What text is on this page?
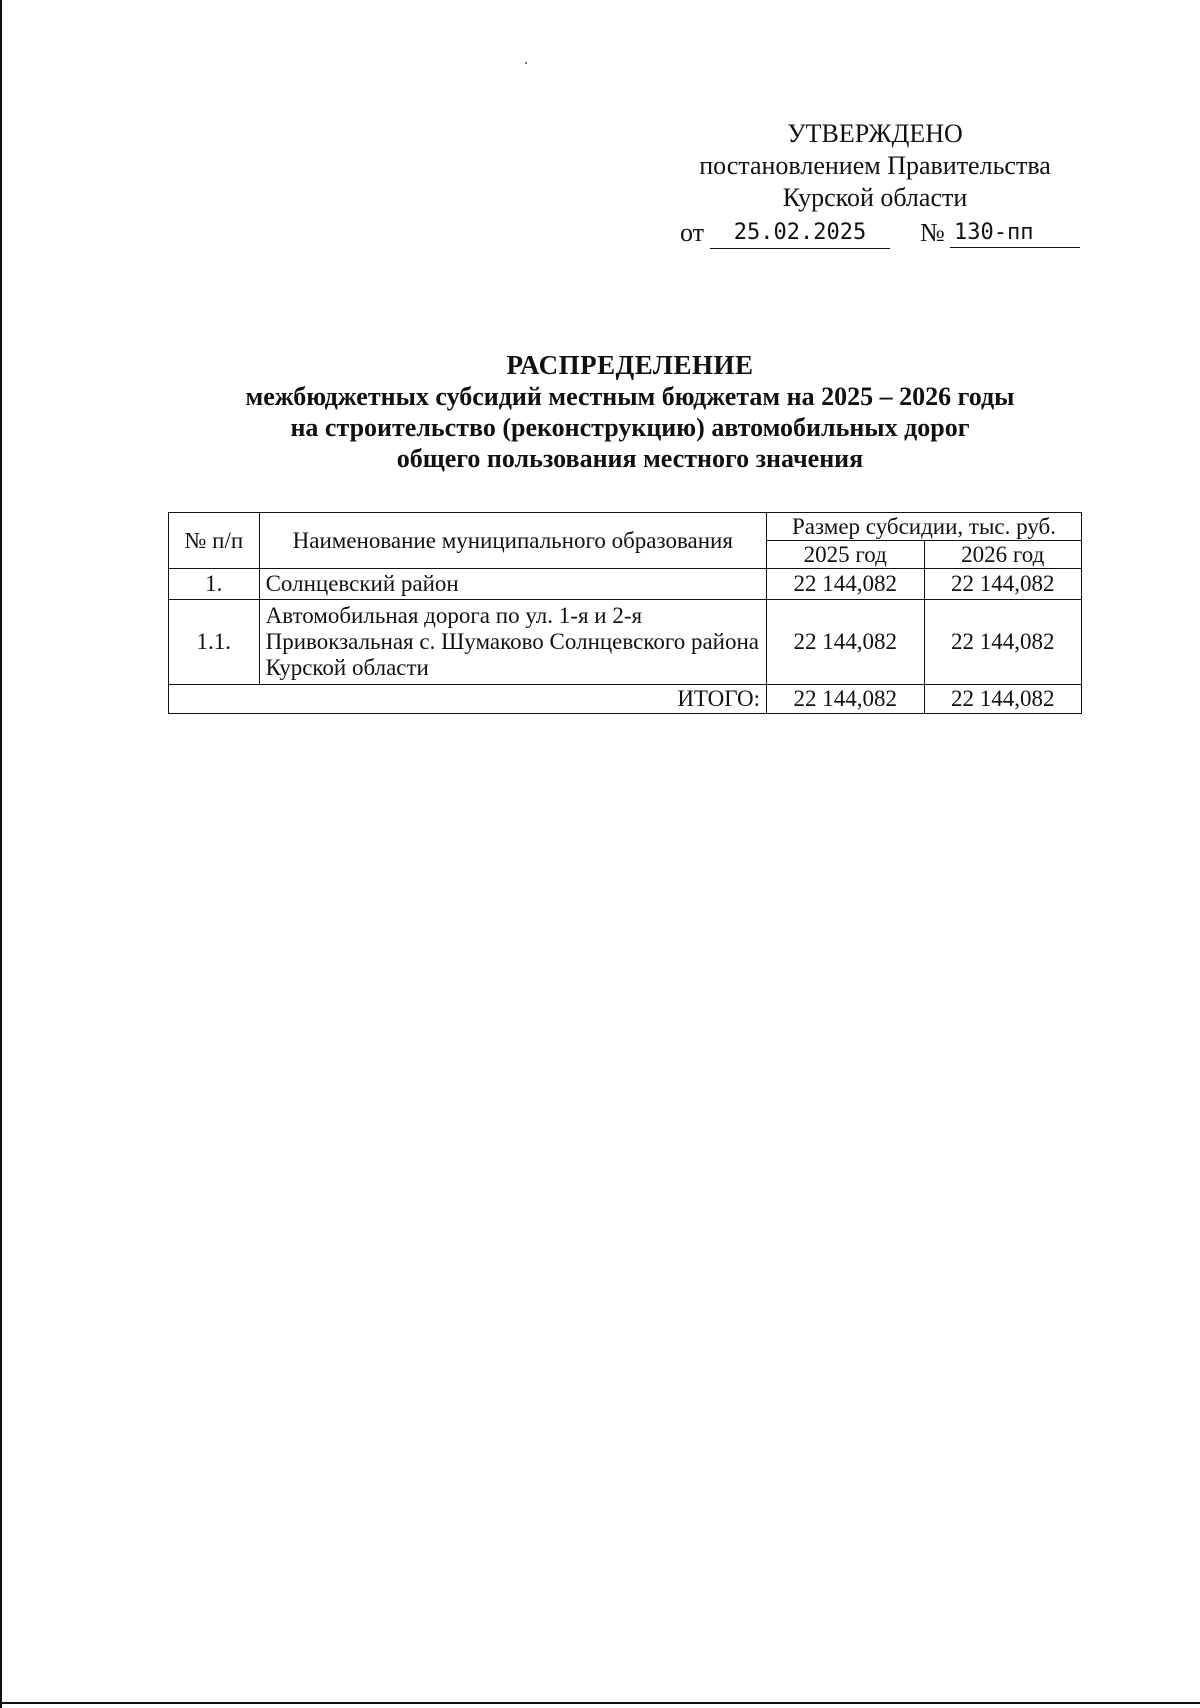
УТВЕРЖДЕНО
постановлением Правительства
Курской области
от	25.02.2025	№ 130-пп
РАСПРЕДЕЛЕНИЕ
межбюджетных субсидий местным бюджетам на 2025 – 2026 годы
на строительство (реконструкцию) автомобильных дорог
общего пользования местного значения
№ п/п	Наименование муниципального образования	Размер субсидии, тыс. руб.	
		2025 год	2026 год
1.	Солнцевский район	22 144,082	22 144,082
1.1.	Автомобильная дорога по ул. 1-я и 2-я Привокзальная с. Шумаково Солнцевского района Курской области	22 144,082	22 144,082
ИТОГО:		22 144,082	22 144,082
